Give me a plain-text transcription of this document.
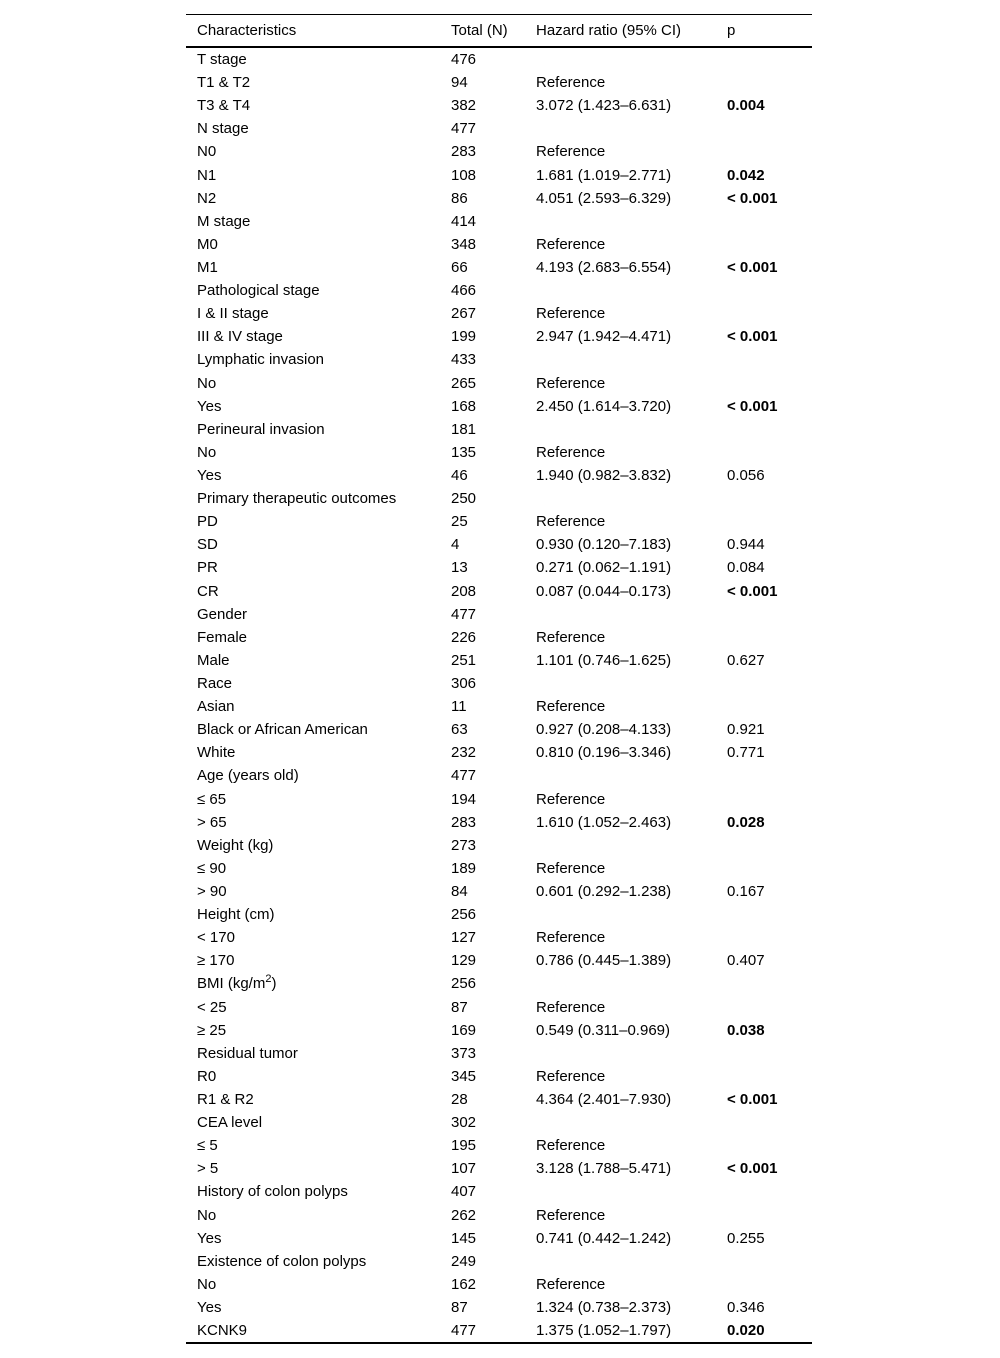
Characteristics	Total (N)	Hazard ratio (95% CI)	p
T stage	476		
T1 & T2	94	Reference	
T3 & T4	382	3.072 (1.423–6.631)	0.004
N stage	477		
N0	283	Reference	
N1	108	1.681 (1.019–2.771)	0.042
N2	86	4.051 (2.593–6.329)	< 0.001
M stage	414		
M0	348	Reference	
M1	66	4.193 (2.683–6.554)	< 0.001
Pathological stage	466		
I & II stage	267	Reference	
III & IV stage	199	2.947 (1.942–4.471)	< 0.001
Lymphatic invasion	433		
No	265	Reference	
Yes	168	2.450 (1.614–3.720)	< 0.001
Perineural invasion	181		
No	135	Reference	
Yes	46	1.940 (0.982–3.832)	0.056
Primary therapeutic outcomes	250		
PD	25	Reference	
SD	4	0.930 (0.120–7.183)	0.944
PR	13	0.271 (0.062–1.191)	0.084
CR	208	0.087 (0.044–0.173)	< 0.001
Gender	477		
Female	226	Reference	
Male	251	1.101 (0.746–1.625)	0.627
Race	306		
Asian	11	Reference	
Black or African American	63	0.927 (0.208–4.133)	0.921
White	232	0.810 (0.196–3.346)	0.771
Age (years old)	477		
≤ 65	194	Reference	
> 65	283	1.610 (1.052–2.463)	0.028
Weight (kg)	273		
≤ 90	189	Reference	
> 90	84	0.601 (0.292–1.238)	0.167
Height (cm)	256		
< 170	127	Reference	
≥ 170	129	0.786 (0.445–1.389)	0.407
BMI $(kg/m^2)$	256		
< 25	87	Reference	
≥ 25	169	0.549 (0.311–0.969)	0.038
Residual tumor	373		
R0	345	Reference	
R1 & R2	28	4.364 (2.401–7.930)	< 0.001
CEA level	302		
≤ 5	195	Reference	
> 5	107	3.128 (1.788–5.471)	< 0.001
History of colon polyps	407		
No	262	Reference	
Yes	145	0.741 (0.442–1.242)	0.255
Existence of colon polyps	249		
No	162	Reference	
Yes	87	1.324 (0.738–2.373)	0.346
KCNK9	477	1.375 (1.052–1.797)	0.020
